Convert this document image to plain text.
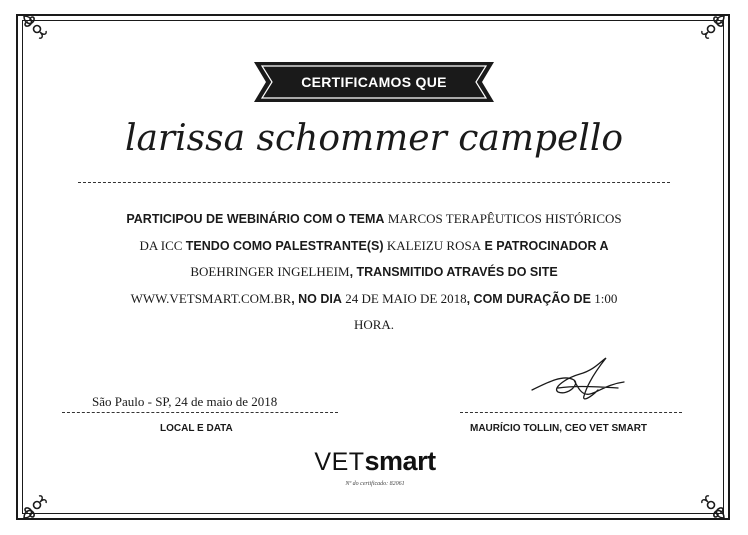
CERTIFICAMOS QUE
larissa schommer campello
PARTICIPOU DE WEBINÁRIO COM O TEMA MARCOS TERAPÊUTICOS HISTÓRICOS
DA ICC TENDO COMO PALESTRANTE(S) KALEIZU ROSA E PATROCINADOR A
BOEHRINGER INGELHEIM, TRANSMITIDO ATRAVÉS DO SITE
WWW.VETSMART.COM.BR, NO DIA 24 DE MAIO DE 2018, COM DURAÇÃO DE 1:00
HORA.
São Paulo - SP, 24 de maio de 2018
LOCAL E DATA	MAURÍCIO TOLLIN, CEO VET SMART
VETsmart
Nº do certificado: 82061
